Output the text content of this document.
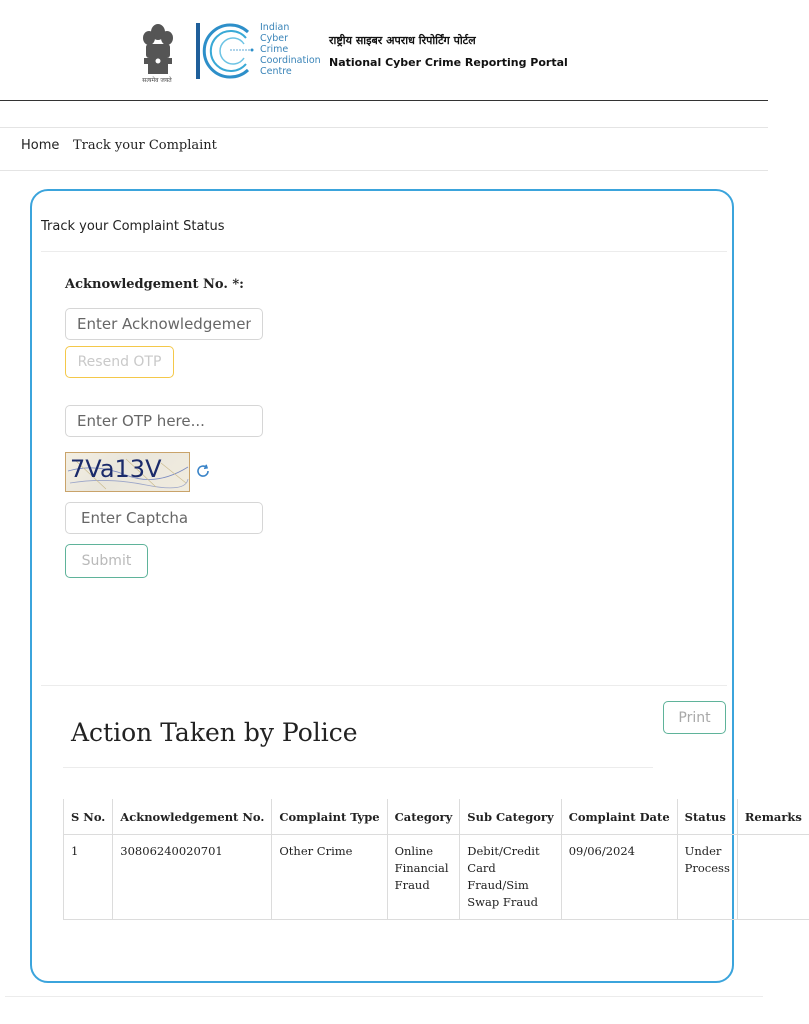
सत्यमेव जयते
Indian
Cyber
Crime
Coordination
Centre
राष्ट्रीय साइबर अपराध रिपोर्टिंग पोर्टल
National Cyber Crime Reporting Portal
Home Track your Complaint
Track your Complaint Status
Acknowledgement No. *:
Enter Acknowledgement
Resend OTP
Enter OTP here...
7Va13V
Enter Captcha
Submit
Print
Action Taken by Police
S No.	Acknowledgement No.	Complaint Type	Category	Sub Category	Complaint Date	Status	Remarks
1	30806240020701	Other Crime	Online Financial Fraud	Debit/Credit Card Fraud/Sim Swap Fraud	09/06/2024	Under Process	
